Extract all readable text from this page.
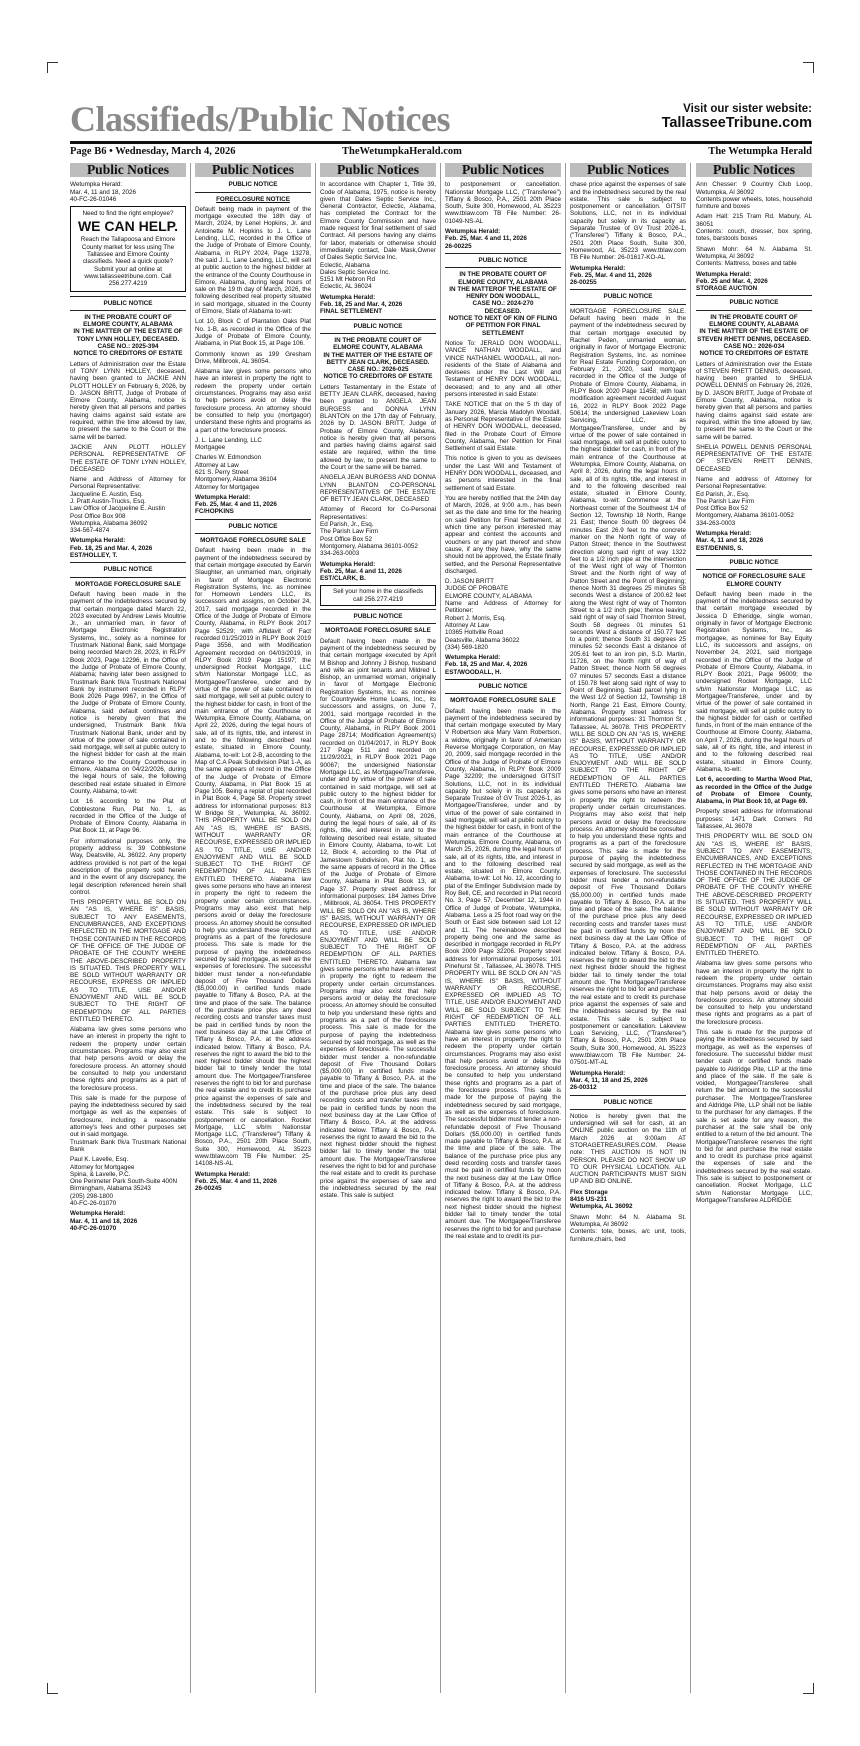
Classifieds/Public Notices	Visit our sister website:
TallasseeTribune.com
Page B6 • Wednesday, March 4, 2026	TheWetumpkaHerald.com	The Wetumpka Herald
Public Notices

Wetumpka Herald:
Mar. 4, 11 and 18, 2026
40-FC-26-01046

Need to find the right employee?
WE CAN HELP.
Reach the Tallapoosa and Elmore County market for less using The Tallassee and Elmore County classifieds. Need a quick quote? Submit your ad online at www.tallasseetribune.com. Call 256.277.4219

PUBLIC NOTICE

IN THE PROBATE COURT OF ELMORE COUNTY, ALABAMA
IN THE MATTER OF THE ESTATE OF TONY LYNN HOLLEY, DECEASED.
CASE NO.: 2025-394
NOTICE TO CREDITORS OF ESTATE

Letters of Administration over the Estate of TONY LYNN HOLLEY, deceased, having been granted to JACKIE ANN PLOTT HOLLEY on February 6, 2026, by D. JASON BRITT, Judge of Probate of Elmore County, Alabama, notice is hereby given that all persons and parties having claims against said estate are required, within the time allowed by law, to present the same to the Court or the same will be barred.

JACKIE ANN PLOTT HOLLEY PERSONAL REPRESENTATIVE OF THE ESTATE OF TONY LYNN HOLLEY, DECEASED

Name and Address of Attorney for Personal Representative:
Jacqueline E. Austin, Esq.
J. Pratt Austin-Trucks, Esq.
Law Office of Jacqueline E. Austin
Post Office Box 908
Wetumpka, Alabama 36092
334-567-4874

Wetumpka Herald:
Feb. 18, 25 and Mar. 4, 2026
EST/HOLLEY, T.

PUBLIC NOTICE

MORTGAGE FORECLOSURE SALE

Default having been made in the payment of the indebtedness secured by that certain mortgage dated March 22, 2023 executed by Andrew Lewis Moultrie Jr., an unmarried man, in favor of Mortgage Electronic Registration Systems, Inc., solely as a nominee for Trustmark National Bank, said Mortgage being recorded March 28, 2023, in RLPY Book 2023, Page 12296, in the Office of the Judge of Probate of Elmore County, Alabama; having later been assigned to Trustmark Bank f/k/a Trustmark National Bank by instrument recorded in RLPY Book 2026 Page 9967, in the Office of the Judge of Probate of Elmore County, Alabama, said default continues and notice is hereby given that the undersigned, Trustmark Bank f/k/a Trustmark National Bank, under and by virtue of the power of sale contained in said mortgage, will sell at public outcry to the highest bidder for cash at the main entrance to the County Courthouse in Elmore, Alabama on 04/22/2026, during the legal hours of sale, the following described real estate situated in Elmore County, Alabama, to-wit:

Lot 16 according to the Plat of Cobblestone Run, Plat No. 1, as recorded in the Office of the Judge of Probate of Elmore County, Alabama in Plat Book 11, at Page 96.

For informational purposes only, the property address is: 39 Cobblestone Way, Deatsville, AL 36022. Any property address provided is not part of the legal description of the property sold herein and in the event of any discrepancy, the legal description referenced herein shall control.

THIS PROPERTY WILL BE SOLD ON AN "AS IS, WHERE IS" BASIS, SUBJECT TO ANY EASEMENTS, ENCUMBRANCES, AND EXCEPTIONS REFLECTED IN THE MORTGAGE AND THOSE CONTAINED IN THE RECORDS OF THE OFFICE OF THE JUDGE OF PROBATE OF THE COUNTY WHERE THE ABOVE-DESCRIBED PROPERTY IS SITUATED. THIS PROPERTY WILL BE SOLD WITHOUT WARRANTY OR RECOURSE, EXPRESS OR IMPLIED AS TO TITLE, USE AND/OR ENJOYMENT AND WILL BE SOLD SUBJECT TO THE RIGHT OF REDEMPTION OF ALL PARTIES ENTITLED THERETO.

Alabama law gives some persons who have an interest in property the right to redeem the property under certain circumstances. Programs may also exist that help persons avoid or delay the foreclosure process. An attorney should be consulted to help you understand these rights and programs as a part of the foreclosure process.

This sale is made for the purpose of paying the indebtedness secured by said mortgage as well as the expenses of foreclosure, including a reasonable attorney's fees and other purposes set out in said mortgage.
Trustmark Bank f/k/a Trustmark National Bank

Paul K. Lavelle, Esq.
Attorney for Mortgagee
Spina, & Lavelle, P.C.
One Perimeter Park South-Suite 400N
Birmingham, Alabama 35243
(205) 298-1800
40-FC-26-01070

Wetumpka Herald:
Mar. 4, 11 and 18, 2026
40-FC-26-01070

Public Notices

PUBLIC NOTICE

FORECLOSURE NOTICE

Default being made in payment of the mortgage executed the 18th day of March, 2024, by Lenel Hopkins, Jr. and Antoinette M. Hopkins to J. L. Lane Lending, LLC, recorded in the Office of the Judge of Probate of Elmore County, Alabama, in RLPY 2024, Page 13278, the said J. L. Lane Lending, LLC, will sell at public auction to the highest bidder at the entrance of the County Courthouse in Elmore, Alabama, during legal hours of sale on the 19 th day of March, 2026, the following described real property situated in said mortgage, situated in the County of Elmore, State of Alabama to-wit:

Lot 10, Block C of Plantation Oaks Plat No. 1-B, as recorded in the Office of the Judge of Probate of Elmore County, Alabama, in Plat Book 15, at Page 106.

Commonly known as 199 Gresham Drive, Millbrook, AL 36054.

Alabama law gives some persons who have an interest in property the right to redeem the property under certain circumstances. Programs may also exist to help persons avoid or delay the foreclosure process. An attorney should be consulted to help you (mortgagor) understand these rights and programs as a part of the foreclosure process.

J. L. Lane Lending, LLC
Mortgagee

Charles W. Edmondson
Attorney at Law
621 S. Perry Street
Montgomery, Alabama 36104
Attorney for Mortgagee

Wetumpka Herald:
Feb. 25, Mar. 4 and 11, 2026
FC/HOPKINS

PUBLIC NOTICE

MORTGAGE FORECLOSURE SALE

Default having been made in the payment of the indebtedness secured by that certain mortgage executed by Earvin Slaughter, an unmarried man, originally in favor of Mortgage Electronic Registration Systems, Inc. as nominee for Homeown Lenders LLC, its successors and assigns, on October 24, 2017, said mortgage recorded in the Office of the Judge of Probate of Elmore County, Alabama, in RLPY Book 2017 Page 52529; with Affidavit of Fact recorded 01/25/2019 in RLPY Book 2019 Page 3556, and with Modification Agreement recorded on 04/03/2019, in RLPY Book 2019 Page 15197; the undersigned Rocket Mortgage, LLC s/b/m Nationstar Mortgage LLC, as Mortgagee/Transferee, under and by virtue of the power of sale contained in said mortgage, will sell at public outcry to the highest bidder for cash, in front of the main entrance of the Courthouse at Wetumpka, Elmore County, Alabama, on April 22, 2026, during the legal hours of sale, all of its rights, title, and interest in and to the following described real estate, situated in Elmore County, Alabama, to-wit: Lot 2-B, according to the Map of C.A Peak Subdivision Plat 1-A, as the same appears of record in the Office of the Judge of Probate of Elmore County, Alabama, in Plat Book 15 at Page 105. Being a replat of plat recorded in Plat Book 4, Page 58. Property street address for informational purposes: 813 W Bridge St , Wetumpka, AL 36092. THIS PROPERTY WILL BE SOLD ON AN "AS IS, WHERE IS" BASIS, WITHOUT WARRANTY OR RECOURSE, EXPRESSED OR IMPLIED AS TO TITLE, USE AND/OR ENJOYMENT AND WILL BE SOLD SUBJECT TO THE RIGHT OF REDEMPTION OF ALL PARTIES ENTITLED THERETO. Alabama law gives some persons who have an interest in property the right to redeem the property under certain circumstances. Programs may also exist that help persons avoid or delay the foreclosure process. An attorney should be consulted to help you understand these rights and programs as a part of the foreclosure process. This sale is made for the purpose of paying the indebtedness secured by said mortgage, as well as the expenses of foreclosure. The successful bidder must tender a non-refundable deposit of Five Thousand Dollars ($5,000.00) in certified funds made payable to Tiffany & Bosco, P.A. at the time and place of the sale. The balance of the purchase price plus any deed recording costs and transfer taxes must be paid in certified funds by noon the next business day at the Law Office of Tiffany & Bosco, P.A. at the address indicated below. Tiffany & Bosco, P.A. reserves the right to award the bid to the next highest bidder should the highest bidder fail to timely tender the total amount due. The Mortgagee/Transferee reserves the right to bid for and purchase the real estate and to credit its purchase price against the expenses of sale and the indebtedness secured by the real estate. This sale is subject to postponement or cancellation. Rocket Mortgage, LLC s/b/m Nationstar Mortgage LLC, ("Transferee") Tiffany & Bosco, P.A., 2501 20th Place South, Suite 300, Homewood, AL 35223 www.tblaw.com TB File Number: 25-14108-NS-AL

Wetumpka Herald:
Feb. 25, Mar. 4 and 11, 2026
26-00245

Public Notices

In accordance with Chapter 1, Title 39, Code of Alabama, 1975, notice is hereby given that Dales Septic Service Inc., General Contractor, Eclectic, Alabama, has completed the Contract for the Elmore County Commission and have made request for final settlement of said Contract. All persons having any claims for labor, materials or otherwise should immediately contact, Dale Mask,Owner of Dales Septic Service Inc.
Eclectic, Alabama
Dales Septic Service Inc.
5151 Mt Hebron Rd
Eclectic, AL 36024

Wetumpka Herald:
Feb. 18, 25 and Mar. 4, 2026
FINAL SETTLEMENT

PUBLIC NOTICE

IN THE PROBATE COURT OF ELMORE COUNTY, ALABAMA
IN THE MATTER OF THE ESTATE OF BETTY JEAN CLARK, DECEASED.
CASE NO.: 2026-025
NOTICE TO CREDITORS OF ESTATE

Letters Testamentary in the Estate of BETTY JEAN CLARK, deceased, having been granted to ANGELA JEAN BURGESS and DONNA LYNN BLANTON on the 17th day of February, 2026 by D. JASON BRITT, Judge of Probate of Elmore County, Alabama, notice is hereby given that all persons and parties having claims against said estate are required, within the time allowed by law, to present the same to the Court or the same will be barred.

ANGELA JEAN BURGESS AND DONNA LYNN BLANTON CO-PERSONAL REPRESENTATIVES OF THE ESTATE OF BETTY JEAN CLARK, DECEASED

Attorney of Record for Co-Personal Representatives:
Ed Parish, Jr., Esq.
The Parish Law Firm
Post Office Box 52
Montgomery, Alabama 36101-0052
334-263-0003

Wetumpka Herald:
Feb. 25, Mar. 4 and 11, 2026
EST/CLARK, B.

Sell your home in the classifieds
call 256.277.4219

PUBLIC NOTICE

MORTGAGE FORECLOSURE SALE

Default having been made in the payment of the indebtedness secured by that certain mortgage executed by April M Bishop and Johnny J Bishop, husband and wife as joint tenants and Mildred L Bishop, an unmarried woman, originally in favor of Mortgage Electronic Registration Systems, Inc. as nominee for Countrywide Home Loans, Inc., its successors and assigns, on June 7, 2001, said mortgage recorded in the Office of the Judge of Probate of Elmore County, Alabama, in RLPY Book 2001 Page 28714; Modification Agreement(s) recorded on 01/04/2017, in RLPY Book 217 Page 511 and recorded on 11/29/2021, in RLPY Book 2021 Page 90067; the undersigned Nationstar Mortgage LLC, as Mortgagee/Transferee, under and by virtue of the power of sale contained in said mortgage, will sell at public outcry to the highest bidder for cash, in front of the main entrance of the Courthouse at Wetumpka, Elmore County, Alabama, on April 08, 2026, during the legal hours of sale, all of its rights, title, and interest in and to the following described real estate, situated in Elmore County, Alabama, to-wit: Lot 12, Block 4, according to the Plat of Jamestown Subdivision, Plat No. 1, as the same appears of record in the Office of the Judge of Probate of Elmore County, Alabama in Plat Book 13, at Page 37. Property street address for informational purposes: 184 James Drive , Millbrook, AL 36054. THIS PROPERTY WILL BE SOLD ON AN "AS IS, WHERE IS" BASIS, WITHOUT WARRANTY OR RECOURSE, EXPRESSED OR IMPLIED AS TO TITLE, USE AND/OR ENJOYMENT AND WILL BE SOLD SUBJECT TO THE RIGHT OF REDEMPTION OF ALL PARTIES ENTITLED THERETO. Alabama law gives some persons who have an interest in property the right to redeem the property under certain circumstances. Programs may also exist that help persons avoid or delay the foreclosure process. An attorney should be consulted to help you understand these rights and programs as a part of the foreclosure process. This sale is made for the purpose of paying the indebtedness secured by said mortgage, as well as the expenses of foreclosure. The successful bidder must tender a non-refundable deposit of Five Thousand Dollars ($5,000.00) in certified funds made payable to Tiffany & Bosco, P.A. at the time and place of the sale. The balance of the purchase price plus any deed recording costs and transfer taxes must be paid in certified funds by noon the next business day at the Law Office of Tiffany & Bosco, P.A. at the address indicated below. Tiffany & Bosco, P.A. reserves the right to award the bid to the next highest bidder should the highest bidder fail to timely tender the total amount due. The Mortgagee/Transferee reserves the right to bid for and purchase the real estate and to credit its purchase price against the expenses of sale and the indebtedness secured by the real estate. This sale is subject

Public Notices

to postponement or cancellation. Nationstar Mortgage LLC, ("Transferee") Tiffany & Bosco, P.A., 2501 20th Place South, Suite 300, Homewood, AL 35223 www.tblaw.com TB File Number: 26-01049-NS-AL

Wetumpka Herald:
Feb. 25, Mar. 4 and 11, 2026
26-00225

PUBLIC NOTICE

IN THE PROBATE COURT OF ELMORE COUNTY, ALABAMA
IN THE MATTEROF THE ESTATE OF
HENRY DON WOODALL,
CASE NO.: 2024-270
DECEASED.
NOTICE TO NEXT OF KIN OF FILING OF PETITION FOR FINAL SETTLEMENT

Notice To: JERALD DON WOODALL, VANCE NATHAN WOODALL, and VINCE NATHANIEL WOODALL, all non-residents of the State of Alabama and devisees under the Last Will and Testament of HENRY DON WOODALL, deceased; and to any and all other persons interested in said Estate:

TAKE NOTICE that on the 5 th day of January 2026, Marcia Madolyn Woodall, as Personal Representative of the Estate of HENRY DON WOODALL, deceased, filed in the Probate Court of Elmore County, Alabama, her Petition for Final Settlement of said Estate.

This notice is given to you as devisees under the Last Will and Testament of HENRY DON WOODALL, deceased, and as persons interested in the final settlement of said Estate.

You are hereby notified that the 24th day of March, 2026, at 9:00 a.m., has been set as the date and time for the hearing on said Petition for Final Settlement, at which time any person interested may appear and contest the accounts and vouchers or any part thereof and show cause, if any they have, why the same should not be approved, the Estate finally settled, and the Personal Representative discharged.

D. JASON BRITT
JUDGE OF PROBATE
ELMORE COUNTY, ALABAMA
Name and Address of Attorney for Petitioner:
Robert J. Morris, Esq.
Attorney At Law
10365 Holtville Road
Deatsville, Alabama 36022
(334) 569-1820

Wetumpka Herald:
Feb. 18, 25 and Mar. 4, 2026
EST/WOODALL, H.

PUBLIC NOTICE

MORTGAGE FORECLOSURE SALE

Default having been made in the payment of the indebtedness secured by that certain mortgage executed by Mary V Robertson aka Mary Vann Robertson, a widow, originally in favor of American Reverse Mortgage Corporation, on May 20, 2009, said mortgage recorded in the Office of the Judge of Probate of Elmore County, Alabama, in RLPY Book 2009 Page 32209; the undersigned GITSIT Solutions, LLC, not in its individual capacity but solely in its capacity as Separate Trustee of GV Trust 2026-1, as Mortgagee/Transferee, under and by virtue of the power of sale contained in said mortgage, will sell at public outcry to the highest bidder for cash, in front of the main entrance of the Courthouse at Wetumpka, Elmore County, Alabama, on March 25, 2026, during the legal hours of sale, all of its rights, title, and interest in and to the following described real estate, situated in Elmore County, Alabama, to-wit: Lot No. 12, according to plat of the Emfinger Subdivision made by Roy Bell, CE, and recorded in Plat record No. 3, Page 57, December 12, 1944 in Office of Judge of Probate, Wetumpka, Alabama. Less a 25 foot road way on the South or East side between said Lot 12 and 11. The hereinabove described property being one and the same as described in mortgage recorded in RLPY Book 2009 Page 32206. Property street address for informational purposes: 101 Pinehurst St , Tallassee, AL 36078. THIS PROPERTY WILL BE SOLD ON AN "AS IS, WHERE IS" BASIS, WITHOUT WARRANTY OR RECOURSE, EXPRESSED OR IMPLIED AS TO TITLE, USE AND/OR ENJOYMENT AND WILL BE SOLD SUBJECT TO THE RIGHT OF REDEMPTION OF ALL PARTIES ENTITLED THERETO. Alabama law gives some persons who have an interest in property the right to redeem the property under certain circumstances. Programs may also exist that help persons avoid or delay the foreclosure process. An attorney should be consulted to help you understand these rights and programs as a part of the foreclosure process. This sale is made for the purpose of paying the indebtedness secured by said mortgage, as well as the expenses of foreclosure. The successful bidder must tender a non-refundable deposit of Five Thousand Dollars ($5,000.00) in certified funds made payable to Tiffany & Bosco, P.A. at the time and place of the sale. The balance of the purchase price plus any deed recording costs and transfer taxes must be paid in certified funds by noon the next business day at the Law Office of Tiffany & Bosco, P.A. at the address indicated below. Tiffany & Bosco, P.A. reserves the right to award the bid to the next highest bidder should the highest bidder fail to timely tender the total amount due. The Mortgagee/Transferee reserves the right to bid for and purchase the real estate and to credit its pur-

Public Notices

chase price against the expenses of sale and the indebtedness secured by the real estate. This sale is subject to postponement or cancellation. GITSIT Solutions, LLC, not in its individual capacity but solely in its capacity as Separate Trustee of GV Trust 2026-1, ("Transferee") Tiffany & Bosco, P.A., 2501 20th Place South, Suite 300, Homewood, AL 35223 www.tblaw.com TB File Number: 26-01617-KO-AL

Wetumpka Herald:
Feb. 25, Mar. 4 and 11, 2026
26-00255

PUBLIC NOTICE

MORTGAGE FORECLOSURE SALE. Default having been made in the payment of the indebtedness secured by that certain mortgage executed by Rachel Peden, unmarried woman, originally in favor of Mortgage Electronic Registration Systems, Inc. as nominee for Real Estate Funding Corporation, on February 21, 2020, said mortgage recorded in the Office of the Judge of Probate of Elmore County, Alabama, in RLPY Book 2020 Page 11458; with loan modification agreement recorded August 16, 2022 in RLPY Book 2022 Page 50614; the undersigned Lakeview Loan Servicing, LLC, as Mortgagee/Transferee, under and by virtue of the power of sale contained in said mortgage, will sell at public outcry to the highest bidder for cash, in front of the main entrance of the Courthouse at Wetumpka, Elmore County, Alabama, on April 8, 2026, during the legal hours of sale, all of its rights, title, and interest in and to the following described real estate, situated in Elmore County, Alabama, to-wit: Commence at the Northeast corner of the Southwest 1/4 of Section 12, Township 18 North, Range 21 East; thence South 00 degrees 04 minutes East 26.9 feet to the concrete marker on the North right of way of Patton Street; thence in the Southwest direction along said right of way 1322 feet to a 1/2 inch pipe at the intersection of the West right of way of Thornton Street and the North right of way of Patton Street and the Point of Beginning; thence North 31 degrees 25 minutes 58 seconds West a distance of 200.62 feet along the West right of way of Thornton Street to a 1/2 inch pipe; thence leaving said right of way of said Thornton Street, South 58 degrees 01 minutes 51 seconds West a distance of 150.77 feet to a point; thence South 31 degrees 25 minutes 52 seconds East a distance of 205.61 feet to an iron pin, S.D. Martin, 11726, on the North right of way of Patton Street; thence North 56 degrees 07 minutes 57 seconds East a distance of 150.78 feet along said right of way to Point of Beginning. Said parcel lying in the West 1/2 of Section 12, Township 18 North, Range 21 East, Elmore County, Alabama. Property street address for informational purposes: 31 Thornton St , Tallassee, AL 36078. THIS PROPERTY WILL BE SOLD ON AN "AS IS, WHERE IS" BASIS, WITHOUT WARRANTY OR RECOURSE, EXPRESSED OR IMPLIED AS TO TITLE, USE AND/OR ENJOYMENT AND WILL BE SOLD SUBJECT TO THE RIGHT OF REDEMPTION OF ALL PARTIES ENTITLED THERETO. Alabama law gives some persons who have an interest in property the right to redeem the property under certain circumstances. Programs may also exist that help persons avoid or delay the foreclosure process. An attorney should be consulted to help you understand these rights and programs as a part of the foreclosure process. This sale is made for the purpose of paying the indebtedness secured by said mortgage, as well as the expenses of foreclosure. The successful bidder must tender a non-refundable deposit of Five Thousand Dollars ($5,000.00) in certified funds made payable to Tiffany & Bosco, P.A. at the time and place of the sale. The balance of the purchase price plus any deed recording costs and transfer taxes must be paid in certified funds by noon the next business day at the Law Office of Tiffany & Bosco, P.A. at the address indicated below. Tiffany & Bosco, P.A. reserves the right to award the bid to the next highest bidder should the highest bidder fail to timely tender the total amount due. The Mortgagee/Transferee reserves the right to bid for and purchase the real estate and to credit its purchase price against the expenses of sale and the indebtedness secured by the real estate. This sale is subject to postponement or cancellation. Lakeview Loan Servicing, LLC, ("Transferee") Tiffany & Bosco, P.A., 2501 20th Place South, Suite 300, Homewood, AL 35223 www.tblaw.com TB File Number: 24-07501-MT-AL

Wetumpka Herald:
Mar. 4, 11, 18 and 25, 2026
26-00312

PUBLIC NOTICE

Notice is hereby given that the undersigned will sell for cash, at an ONLINE public auction on the 11th of March 2026 at 9:00am AT STORAGETREASURES.COM. Please note: THIS AUCTION IS NOT IN PERSON. PLEASE DO NOT SHOW UP TO OUR PHYSICAL LOCATION. ALL AUCTION PARTICIPANTS MUST SIGN UP AND BID ONLINE.

Flex Storage
8416 US-231
Wetumpka, AL 36092

Shawn Mohr: 64 N. Alabama St. Wetumpka, Al 36092
Contents: tote, boxes, a/c unit, tools, furniture,chairs, bed

Public Notices

Ann Chesser: 9 Country Club Loop, Wetumpka, Al 36092
Contents:power wheels, totes, household furniture and boxes

Adam Hall: 215 Tram Rd. Mabury, AL 36051
Contents: couch, dresser, box spring, totes, barstools boxes

Shawn Mohr: 64 N. Alabama St. Wetumpka, Al 36092
Contents: Mattress, boxes and table

Wetumpka Herald:
Feb. 25 and Mar. 4, 2026
STORAGE AUCTION

PUBLIC NOTICE

IN THE PROBATE COURT OF ELMORE COUNTY, ALABAMA
IN THE MATTER OF THE ESTATE OF
STEVEN RHETT DENNIS, DECEASED.
CASE NO.: 2026-034
NOTICE TO CREDITORS OF ESTATE

Letters of Administration over the Estate of STEVEN RHETT DENNIS, deceased, having been granted to SHELIA POWELL DENNIS on February 26, 2026, by D. JASON BRITT, Judge of Probate of Elmore County, Alabama, notice is hereby given that all persons and parties having claims against said estate are required, within the time allowed by law, to present the same to the Court or the same will be barred.

SHELIA POWELL DENNIS PERSONAL REPRESENTATIVE OF THE ESTATE OF STEVEN RHETT DENNIS, DECEASED

Name and address of Attorney for Personal Representative:
Ed Parish, Jr., Esq.
The Parish Law Firm
Post Office Box 52
Montgomery, Alabama 36101-0052
334-263-0003

Wetumpka Herald:
Mar. 4, 11 and 18, 2026
EST/DENNIS, S.

PUBLIC NOTICE

NOTICE OF FORECLOSURE SALE
ELMORE COUNTY

Default having been made in the payment of the indebtedness secured by that certain mortgage executed by Jessica D Etheridge, single woman, originally in favor of Mortgage Electronic Registration Systems, Inc., as mortgagee, as nominee for Bay Equity LLC, its successors and assigns, on November 24, 2021, said mortgage recorded in the Office of the Judge of Probate of Elmore County, Alabama, in RLPY Book 2021, Page 96009; the undersigned Rocket Mortgage, LLC s/b/m Nationstar Mortgage LLC, as Mortgagee/Transferee, under and by virtue of the power of sale contained in said mortgage, will sell at public outcry to the highest bidder for cash or certified funds, in front of the main entrance of the Courthouse at Elmore County, Alabama, on April 7, 2026, during the legal hours of sale, all of its right, title, and interest in and to the following described real estate, situated in Elmore County, Alabama, to-wit:

Lot 6, according to Martha Wood Plat, as recorded in the Office of the Judge of Probate of Elmore County, Alabama, in Plat Book 10, at Page 69.

Property street address for informational purposes: 1471 Dark Corners Rd Tallassee, AL 36078

THIS PROPERTY WILL BE SOLD ON AN "AS IS, WHERE IS" BASIS, SUBJECT TO ANY EASEMENTS, ENCUMBRANCES, AND EXCEPTIONS REFLECTED IN THE MORTGAGE AND THOSE CONTAINED IN THE RECORDS OF THE OFFICE OF THE JUDGE OF PROBATE OF THE COUNTY WHERE THE ABOVE-DESCRIBED PROPERTY IS SITUATED. THIS PROPERTY WILL BE SOLD WITHOUT WARRANTY OR RECOURSE, EXPRESSED OR IMPLIED AS TO TITLE, USE AND/OR ENJOYMENT AND WILL BE SOLD SUBJECT TO THE RIGHT OF REDEMPTION OF ALL PARTIES ENTITLED THERETO.

Alabama law gives some persons who have an interest in property the right to redeem the property under certain circumstances. Programs may also exist that help persons avoid or delay the foreclosure process. An attorney should be consulted to help you understand these rights and programs as a part of the foreclosure process.

This sale is made for the purpose of paying the indebtedness secured by said mortgage, as well as the expenses of foreclosure. The successful bidder must tender cash or certified funds made payable to Aldridge Pite, LLP at the time and place of the sale. If the sale is voided, Mortgagee/Transferee shall return the bid amount to the successful purchaser. The Mortgagee/Transferee and Aldridge Pite, LLP shall not be liable to the purchaser for any damages. If the sale is set aside for any reason, the purchaser at the sale shall be only entitled to a return of the bid amount. The Mortgagee/Transferee reserves the right to bid for and purchase the real estate and to credit its purchase price against the expenses of sale and the indebtedness secured by the real estate. This sale is subject to postponement or cancellation. Rocket Mortgage, LLC s/b/m Nationstar Mortgage LLC, Mortgagee/Transferee ALDRIDGE
